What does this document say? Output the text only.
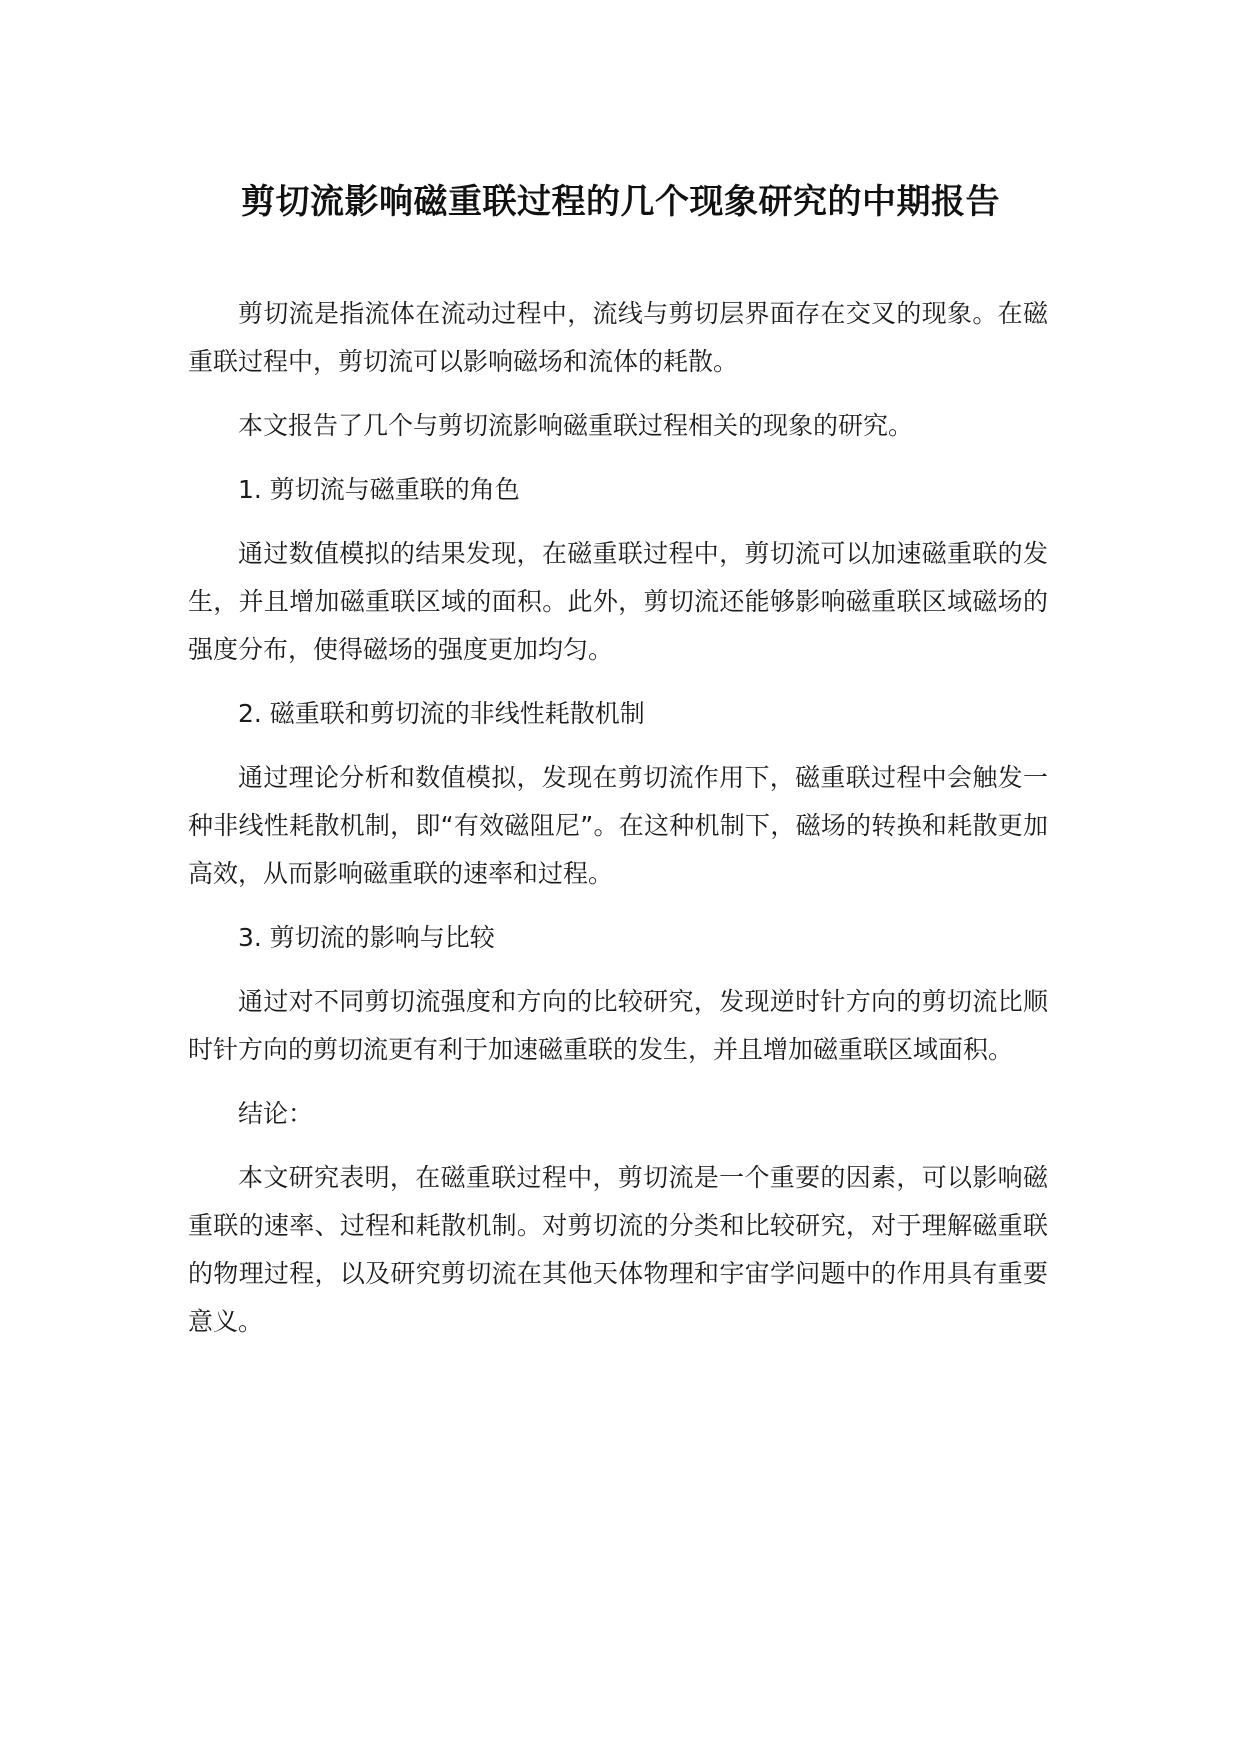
剪切流影响磁重联过程的几个现象研究的中期报告

剪切流是指流体在流动过程中，流线与剪切层界面存在交叉的现象。在磁重联过程中，剪切流可以影响磁场和流体的耗散。

本文报告了几个与剪切流影响磁重联过程相关的现象的研究。

1. 剪切流与磁重联的角色

通过数值模拟的结果发现，在磁重联过程中，剪切流可以加速磁重联的发生，并且增加磁重联区域的面积。此外，剪切流还能够影响磁重联区域磁场的强度分布，使得磁场的强度更加均匀。

2. 磁重联和剪切流的非线性耗散机制

通过理论分析和数值模拟，发现在剪切流作用下，磁重联过程中会触发一种非线性耗散机制，即“有效磁阻尼”。在这种机制下，磁场的转换和耗散更加高效，从而影响磁重联的速率和过程。

3. 剪切流的影响与比较

通过对不同剪切流强度和方向的比较研究，发现逆时针方向的剪切流比顺时针方向的剪切流更有利于加速磁重联的发生，并且增加磁重联区域面积。

结论：

本文研究表明，在磁重联过程中，剪切流是一个重要的因素，可以影响磁重联的速率、过程和耗散机制。对剪切流的分类和比较研究，对于理解磁重联的物理过程，以及研究剪切流在其他天体物理和宇宙学问题中的作用具有重要意义。
